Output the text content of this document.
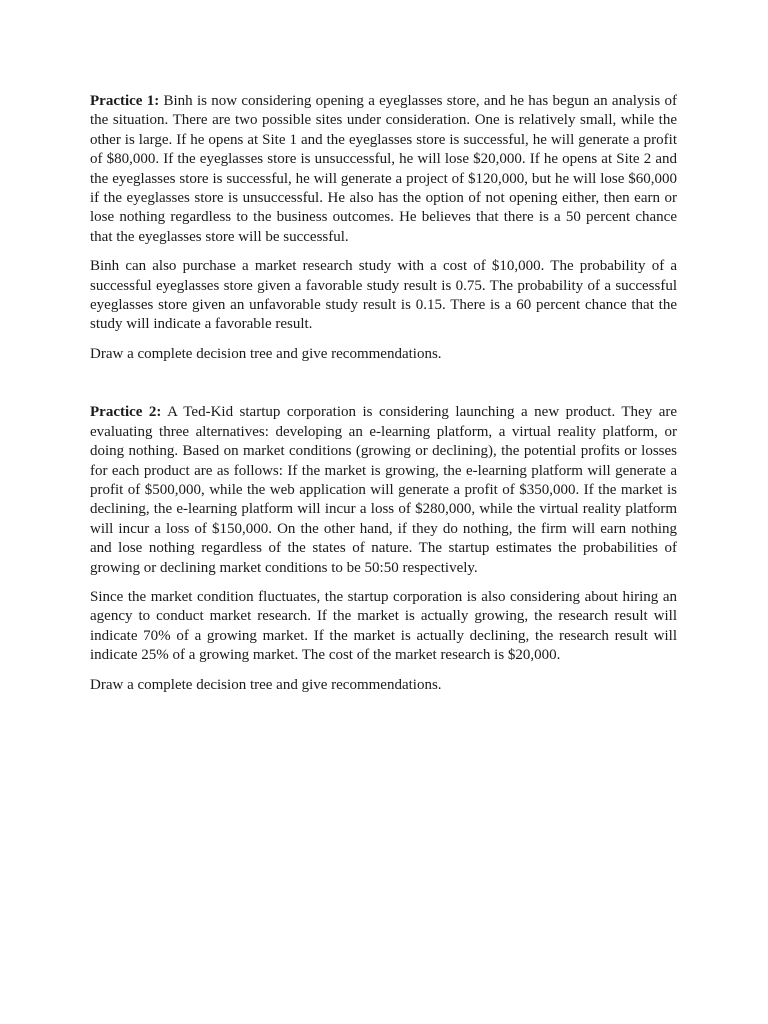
Practice 1: Binh is now considering opening a eyeglasses store, and he has begun an analysis of the situation. There are two possible sites under consideration. One is relatively small, while the other is large. If he opens at Site 1 and the eyeglasses store is successful, he will generate a profit of $80,000. If the eyeglasses store is unsuccessful, he will lose $20,000. If he opens at Site 2 and the eyeglasses store is successful, he will generate a project of $120,000, but he will lose $60,000 if the eyeglasses store is unsuccessful. He also has the option of not opening either, then earn or lose nothing regardless to the business outcomes. He believes that there is a 50 percent chance that the eyeglasses store will be successful.

Binh can also purchase a market research study with a cost of $10,000. The probability of a successful eyeglasses store given a favorable study result is 0.75. The probability of a successful eyeglasses store given an unfavorable study result is 0.15. There is a 60 percent chance that the study will indicate a favorable result.

Draw a complete decision tree and give recommendations.

Practice 2: A Ted-Kid startup corporation is considering launching a new product. They are evaluating three alternatives: developing an e-learning platform, a virtual reality platform, or doing nothing. Based on market conditions (growing or declining), the potential profits or losses for each product are as follows: If the market is growing, the e-learning platform will generate a profit of $500,000, while the web application will generate a profit of $350,000. If the market is declining, the e-learning platform will incur a loss of $280,000, while the virtual reality platform will incur a loss of $150,000. On the other hand, if they do nothing, the firm will earn nothing and lose nothing regardless of the states of nature. The startup estimates the probabilities of growing or declining market conditions to be 50:50 respectively.

Since the market condition fluctuates, the startup corporation is also considering about hiring an agency to conduct market research. If the market is actually growing, the research result will indicate 70% of a growing market. If the market is actually declining, the research result will indicate 25% of a growing market. The cost of the market research is $20,000.

Draw a complete decision tree and give recommendations.
